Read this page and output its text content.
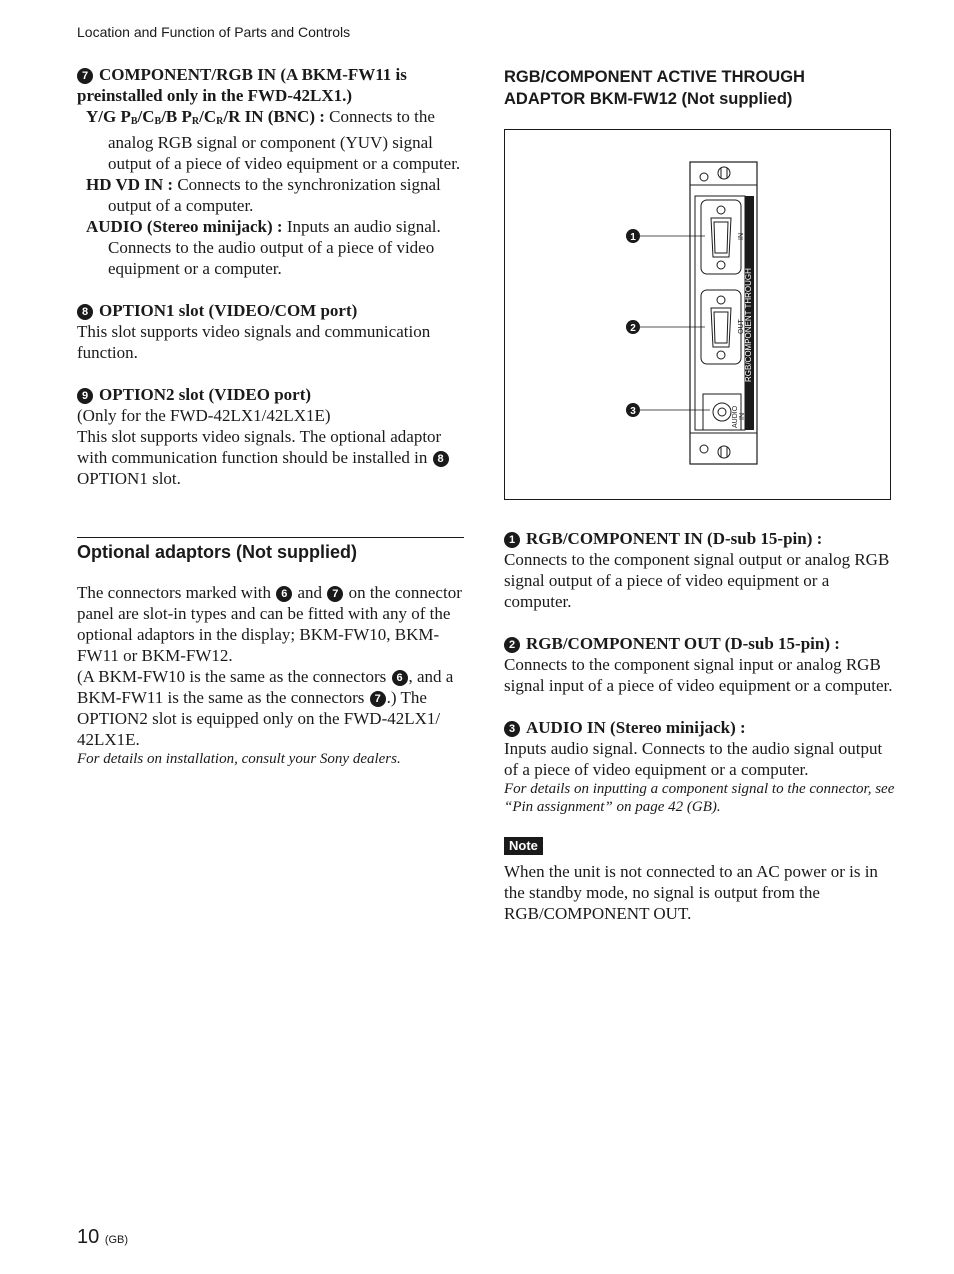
Location and Function of Parts and Controls

7 COMPONENT/RGB IN (A BKM-FW11 is preinstalled only in the FWD-42LX1.)

Y/G $P_B/C_B/B$ $P_R/C_R/R$ IN (BNC) : Connects to the analog RGB signal or component (YUV) signal output of a piece of video equipment or a computer.

HD VD IN : Connects to the synchronization signal output of a computer.

AUDIO (Stereo minijack) : Inputs an audio signal. Connects to the audio output of a piece of video equipment or a computer.

8 OPTION1 slot (VIDEO/COM port)

This slot supports video signals and communication function.

9 OPTION2 slot (VIDEO port)

(Only for the FWD-42LX1/42LX1E)

This slot supports video signals. The optional adaptor with communication function should be installed in 8 OPTION1 slot.

Optional adaptors (Not supplied)

The connectors marked with 6 and 7 on the connector panel are slot-in types and can be fitted with any of the optional adaptors in the display; BKM-FW10, BKM-FW11 or BKM-FW12.

(A BKM-FW10 is the same as the connectors 6 , and a BKM-FW11 is the same as the connectors 7 .) The OPTION2 slot is equipped only on the FWD-42LX1/ 42LX1E.

For details on installation, consult your Sony dealers.

RGB/COMPONENT ACTIVE THROUGH ADAPTOR BKM-FW12 (Not supplied)
RGB/COMPONENT THROUGH
IN
OUT
AUDIO IN
1
2
3

1 RGB/COMPONENT IN (D-sub 15-pin) :

Connects to the component signal output or analog RGB signal output of a piece of video equipment or a computer.

2 RGB/COMPONENT OUT (D-sub 15-pin) :

Connects to the component signal input or analog RGB signal input of a piece of video equipment or a computer.

3 AUDIO IN (Stereo minijack) :

Inputs audio signal. Connects to the audio signal output of a piece of video equipment or a computer.

For details on inputting a component signal to the connector, see “Pin assignment” on page 42 (GB).

Note

When the unit is not connected to an AC power or is in the standby mode, no signal is output from the RGB/COMPONENT OUT.

10 (GB)
